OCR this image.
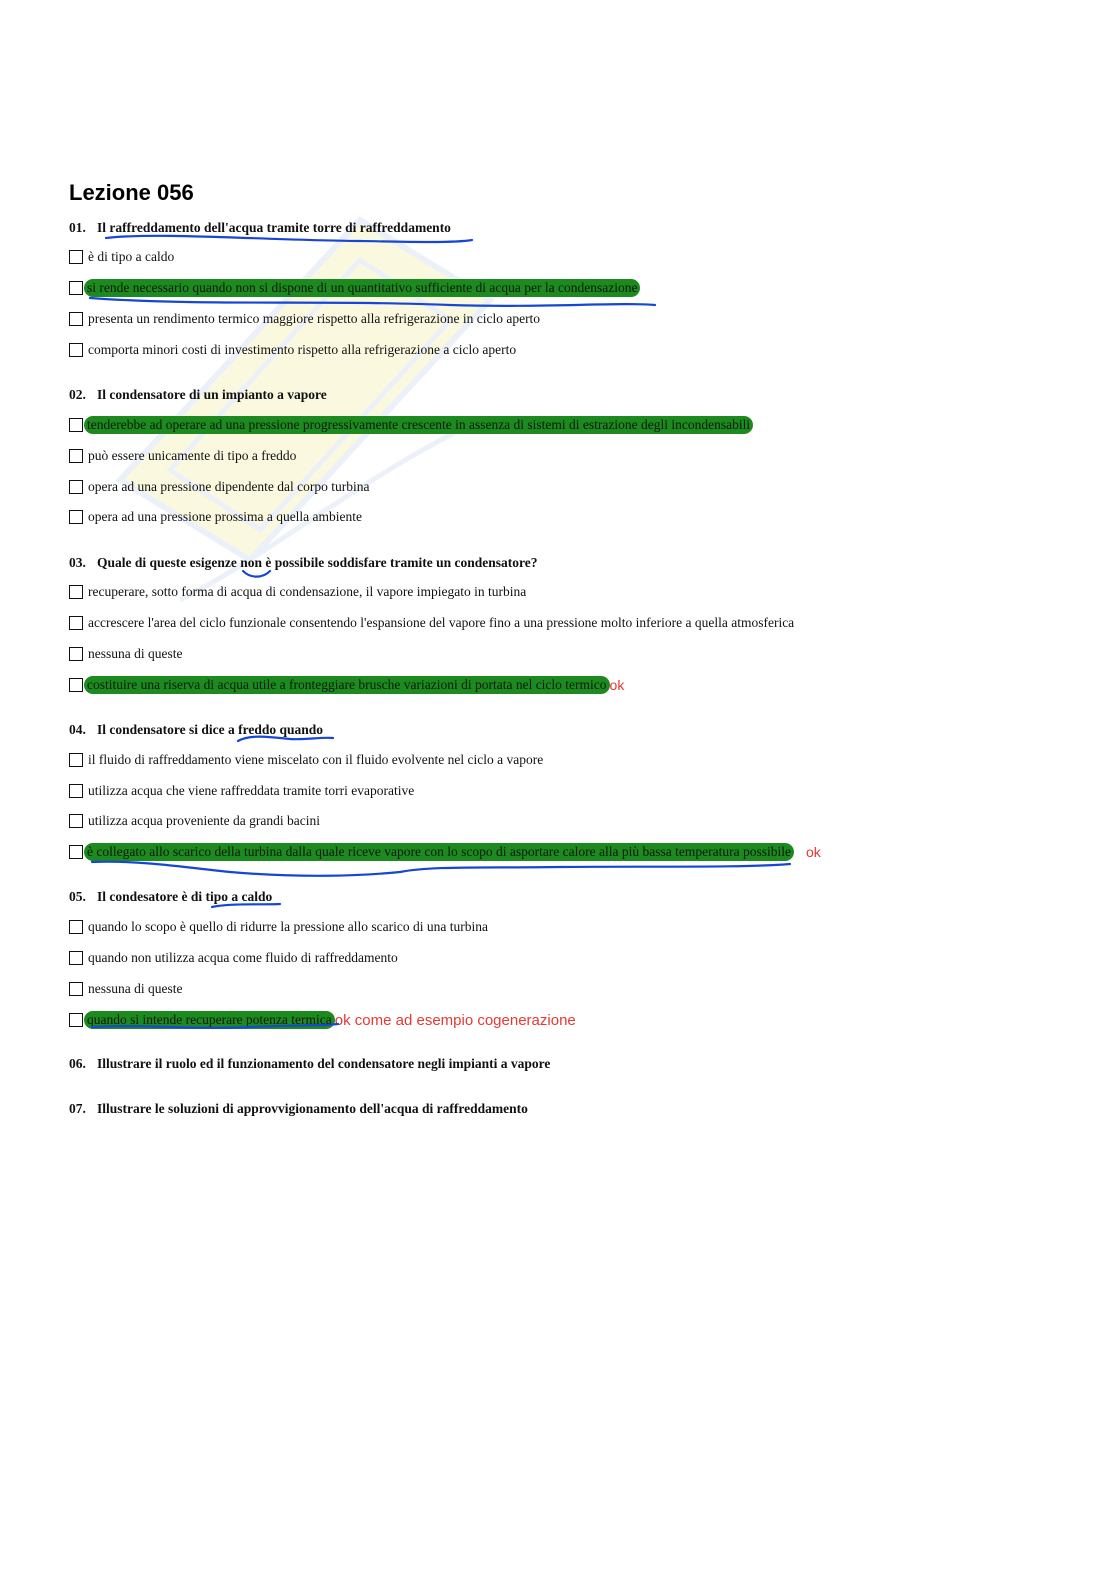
Lezione 056
01. Il raffreddamento dell'acqua tramite torre di raffreddamento
è di tipo a caldo
si rende necessario quando non si dispone di un quantitativo sufficiente di acqua per la condensazione
presenta un rendimento termico maggiore rispetto alla refrigerazione in ciclo aperto
comporta minori costi di investimento rispetto alla refrigerazione a ciclo aperto
02. Il condensatore di un impianto a vapore
tenderebbe ad operare ad una pressione progressivamente crescente in assenza di sistemi di estrazione degli incondensabili
può essere unicamente di tipo a freddo
opera ad una pressione dipendente dal corpo turbina
opera ad una pressione prossima a quella ambiente
03. Quale di queste esigenze non è possibile soddisfare tramite un condensatore?
recuperare, sotto forma di acqua di condensazione, il vapore impiegato in turbina
accrescere l'area del ciclo funzionale consentendo l'espansione del vapore fino a una pressione molto inferiore a quella atmosferica
nessuna di queste
costituire una riserva di acqua utile a fronteggiare brusche variazioni di portata nel ciclo termico ok
04. Il condensatore si dice a freddo quando
il fluido di raffreddamento viene miscelato con il fluido evolvente nel ciclo a vapore
utilizza acqua che viene raffreddata tramite torri evaporative
utilizza acqua proveniente da grandi bacini
è collegato allo scarico della turbina dalla quale riceve vapore con lo scopo di asportare calore alla più bassa temperatura possibile ok
05. Il condesatore è di tipo a caldo
quando lo scopo è quello di ridurre la pressione allo scarico di una turbina
quando non utilizza acqua come fluido di raffreddamento
nessuna di queste
quando si intende recuperare potenza termica ok come ad esempio cogenerazione
06. Illustrare il ruolo ed il funzionamento del condensatore negli impianti a vapore
07. Illustrare le soluzioni di approvvigionamento dell'acqua di raffreddamento
